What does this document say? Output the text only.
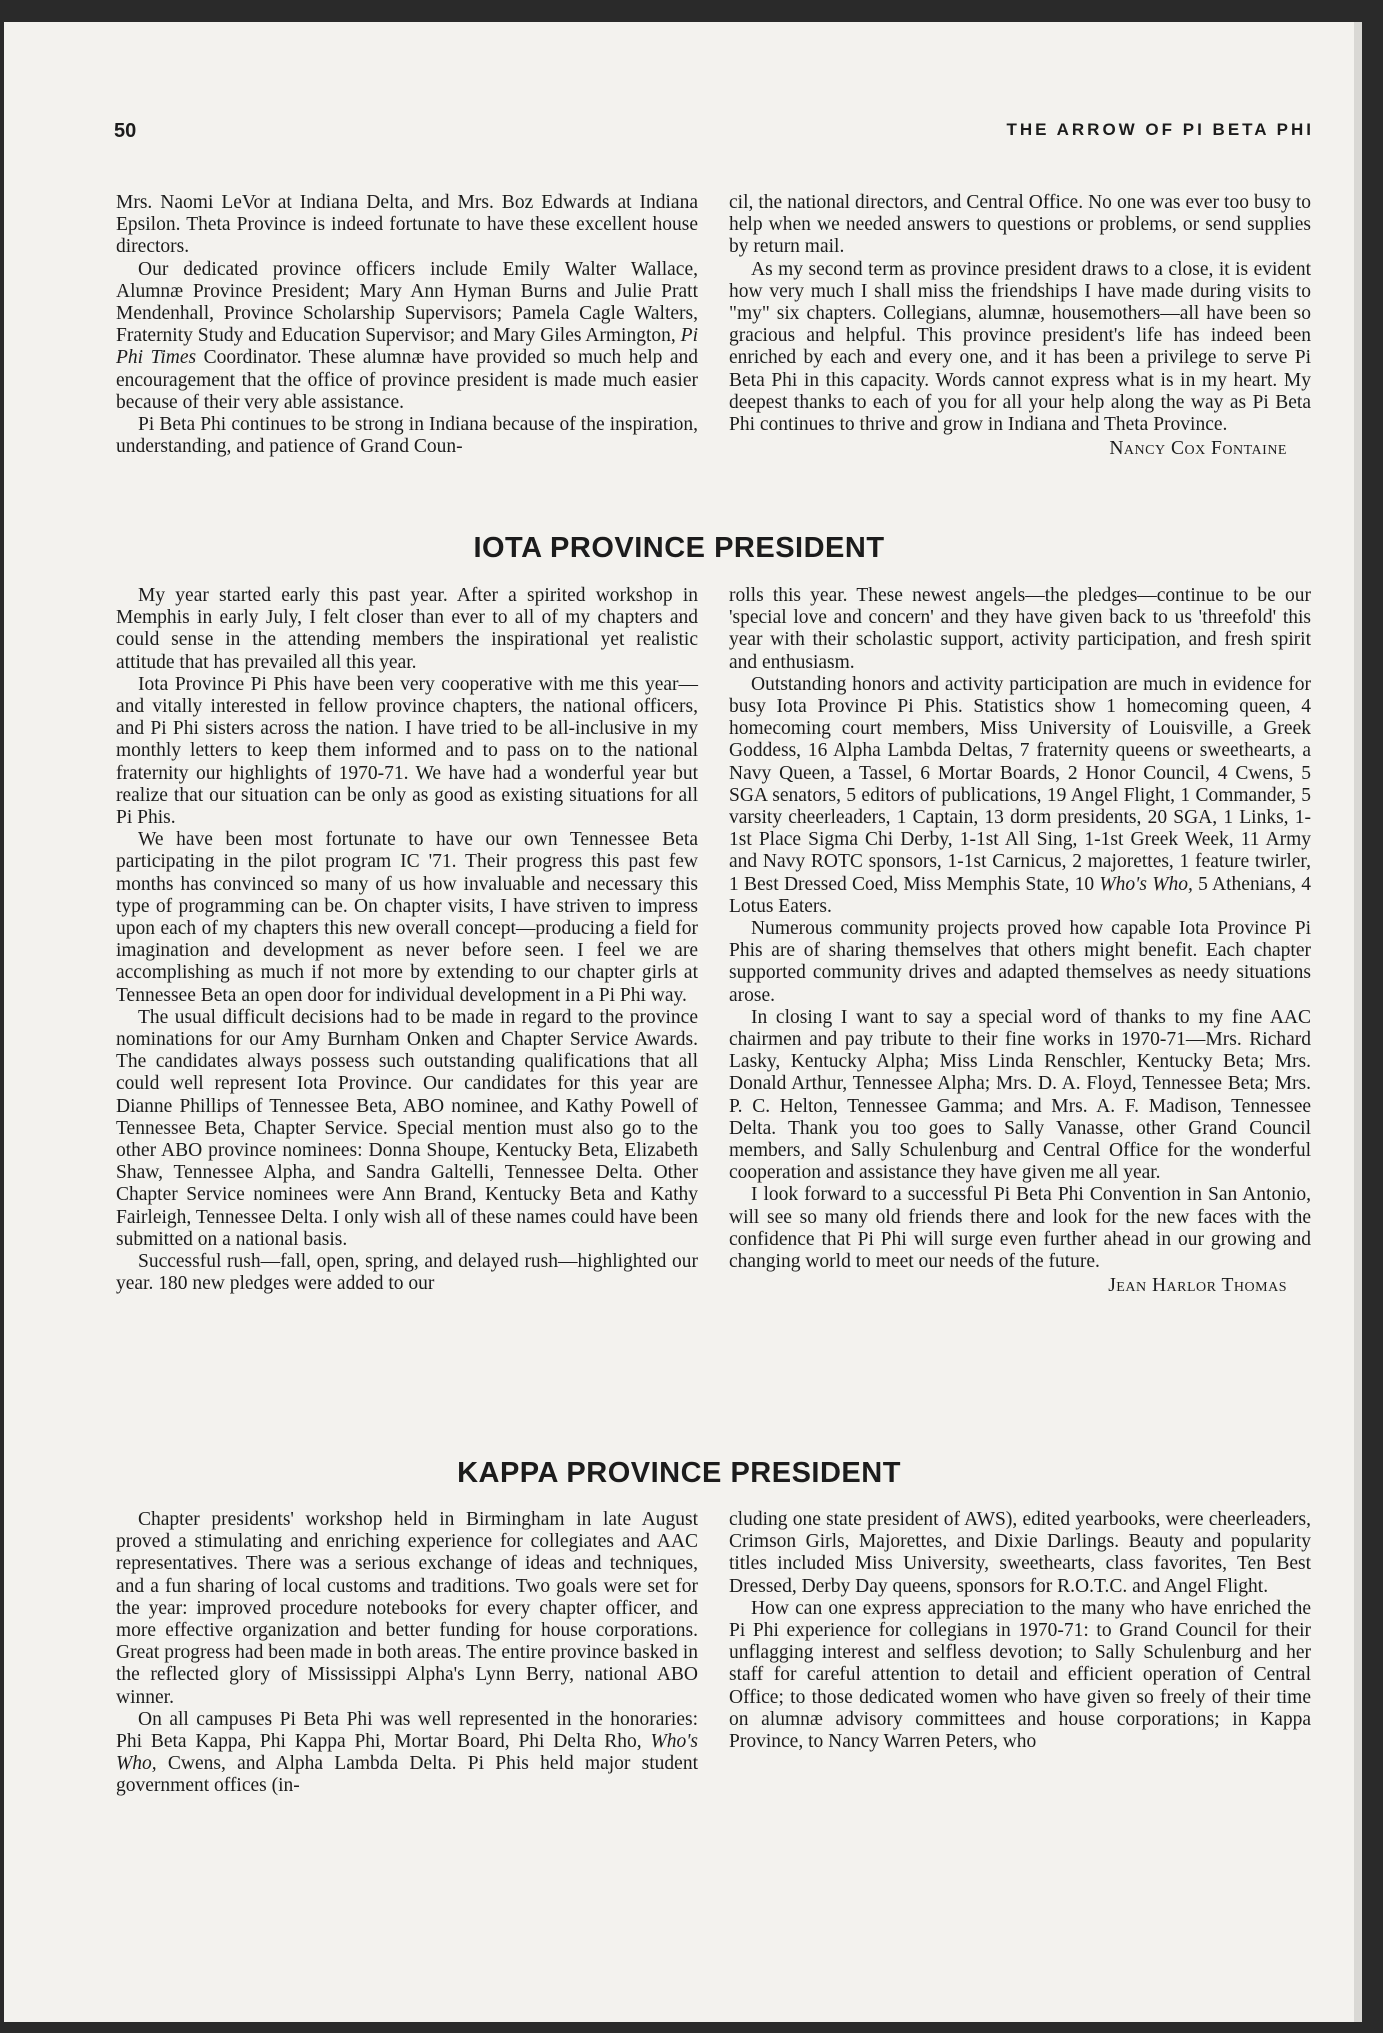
50	THE ARROW OF PI BETA PHI

Mrs. Naomi LeVor at Indiana Delta, and Mrs. Boz Edwards at Indiana Epsilon. Theta Province is indeed fortunate to have these excellent house directors.

Our dedicated province officers include Emily Walter Wallace, Alumnæ Province President; Mary Ann Hyman Burns and Julie Pratt Mendenhall, Province Scholarship Supervisors; Pamela Cagle Walters, Fraternity Study and Education Supervisor; and Mary Giles Armington, Pi Phi Times Coordinator. These alumnæ have provided so much help and encouragement that the office of province president is made much easier because of their very able assistance.

Pi Beta Phi continues to be strong in Indiana because of the inspiration, understanding, and patience of Grand Coun-

cil, the national directors, and Central Office. No one was ever too busy to help when we needed answers to questions or problems, or send supplies by return mail.

As my second term as province president draws to a close, it is evident how very much I shall miss the friendships I have made during visits to "my" six chapters. Collegians, alumnæ, housemothers—all have been so gracious and helpful. This province president's life has indeed been enriched by each and every one, and it has been a privilege to serve Pi Beta Phi in this capacity. Words cannot express what is in my heart. My deepest thanks to each of you for all your help along the way as Pi Beta Phi continues to thrive and grow in Indiana and Theta Province.

Nancy Cox Fontaine

IOTA PROVINCE PRESIDENT

My year started early this past year. After a spirited workshop in Memphis in early July, I felt closer than ever to all of my chapters and could sense in the attending members the inspirational yet realistic attitude that has prevailed all this year.

Iota Province Pi Phis have been very cooperative with me this year—and vitally interested in fellow province chapters, the national officers, and Pi Phi sisters across the nation. I have tried to be all-inclusive in my monthly letters to keep them informed and to pass on to the national fraternity our highlights of 1970-71. We have had a wonderful year but realize that our situation can be only as good as existing situations for all Pi Phis.

We have been most fortunate to have our own Tennessee Beta participating in the pilot program IC '71. Their progress this past few months has convinced so many of us how invaluable and necessary this type of programming can be. On chapter visits, I have striven to impress upon each of my chapters this new overall concept—producing a field for imagination and development as never before seen. I feel we are accomplishing as much if not more by extending to our chapter girls at Tennessee Beta an open door for individual development in a Pi Phi way.

The usual difficult decisions had to be made in regard to the province nominations for our Amy Burnham Onken and Chapter Service Awards. The candidates always possess such outstanding qualifications that all could well represent Iota Province. Our candidates for this year are Dianne Phillips of Tennessee Beta, ABO nominee, and Kathy Powell of Tennessee Beta, Chapter Service. Special mention must also go to the other ABO province nominees: Donna Shoupe, Kentucky Beta, Elizabeth Shaw, Tennessee Alpha, and Sandra Galtelli, Tennessee Delta. Other Chapter Service nominees were Ann Brand, Kentucky Beta and Kathy Fairleigh, Tennessee Delta. I only wish all of these names could have been submitted on a national basis.

Successful rush—fall, open, spring, and delayed rush—highlighted our year. 180 new pledges were added to our

rolls this year. These newest angels—the pledges—continue to be our 'special love and concern' and they have given back to us 'threefold' this year with their scholastic support, activity participation, and fresh spirit and enthusiasm.

Outstanding honors and activity participation are much in evidence for busy Iota Province Pi Phis. Statistics show 1 homecoming queen, 4 homecoming court members, Miss University of Louisville, a Greek Goddess, 16 Alpha Lambda Deltas, 7 fraternity queens or sweethearts, a Navy Queen, a Tassel, 6 Mortar Boards, 2 Honor Council, 4 Cwens, 5 SGA senators, 5 editors of publications, 19 Angel Flight, 1 Commander, 5 varsity cheerleaders, 1 Captain, 13 dorm presidents, 20 SGA, 1 Links, 1-1st Place Sigma Chi Derby, 1-1st All Sing, 1-1st Greek Week, 11 Army and Navy ROTC sponsors, 1-1st Carnicus, 2 majorettes, 1 feature twirler, 1 Best Dressed Coed, Miss Memphis State, 10 Who's Who, 5 Athenians, 4 Lotus Eaters.

Numerous community projects proved how capable Iota Province Pi Phis are of sharing themselves that others might benefit. Each chapter supported community drives and adapted themselves as needy situations arose.

In closing I want to say a special word of thanks to my fine AAC chairmen and pay tribute to their fine works in 1970-71—Mrs. Richard Lasky, Kentucky Alpha; Miss Linda Renschler, Kentucky Beta; Mrs. Donald Arthur, Tennessee Alpha; Mrs. D. A. Floyd, Tennessee Beta; Mrs. P. C. Helton, Tennessee Gamma; and Mrs. A. F. Madison, Tennessee Delta. Thank you too goes to Sally Vanasse, other Grand Council members, and Sally Schulenburg and Central Office for the wonderful cooperation and assistance they have given me all year.

I look forward to a successful Pi Beta Phi Convention in San Antonio, will see so many old friends there and look for the new faces with the confidence that Pi Phi will surge even further ahead in our growing and changing world to meet our needs of the future.

Jean Harlor Thomas

KAPPA PROVINCE PRESIDENT

Chapter presidents' workshop held in Birmingham in late August proved a stimulating and enriching experience for collegiates and AAC representatives. There was a serious exchange of ideas and techniques, and a fun sharing of local customs and traditions. Two goals were set for the year: improved procedure notebooks for every chapter officer, and more effective organization and better funding for house corporations. Great progress had been made in both areas. The entire province basked in the reflected glory of Mississippi Alpha's Lynn Berry, national ABO winner.

On all campuses Pi Beta Phi was well represented in the honoraries: Phi Beta Kappa, Phi Kappa Phi, Mortar Board, Phi Delta Rho, Who's Who, Cwens, and Alpha Lambda Delta. Pi Phis held major student government offices (in-

cluding one state president of AWS), edited yearbooks, were cheerleaders, Crimson Girls, Majorettes, and Dixie Darlings. Beauty and popularity titles included Miss University, sweethearts, class favorites, Ten Best Dressed, Derby Day queens, sponsors for R.O.T.C. and Angel Flight.

How can one express appreciation to the many who have enriched the Pi Phi experience for collegians in 1970-71: to Grand Council for their unflagging interest and selfless devotion; to Sally Schulenburg and her staff for careful attention to detail and efficient operation of Central Office; to those dedicated women who have given so freely of their time on alumnæ advisory committees and house corporations; in Kappa Province, to Nancy Warren Peters, who
